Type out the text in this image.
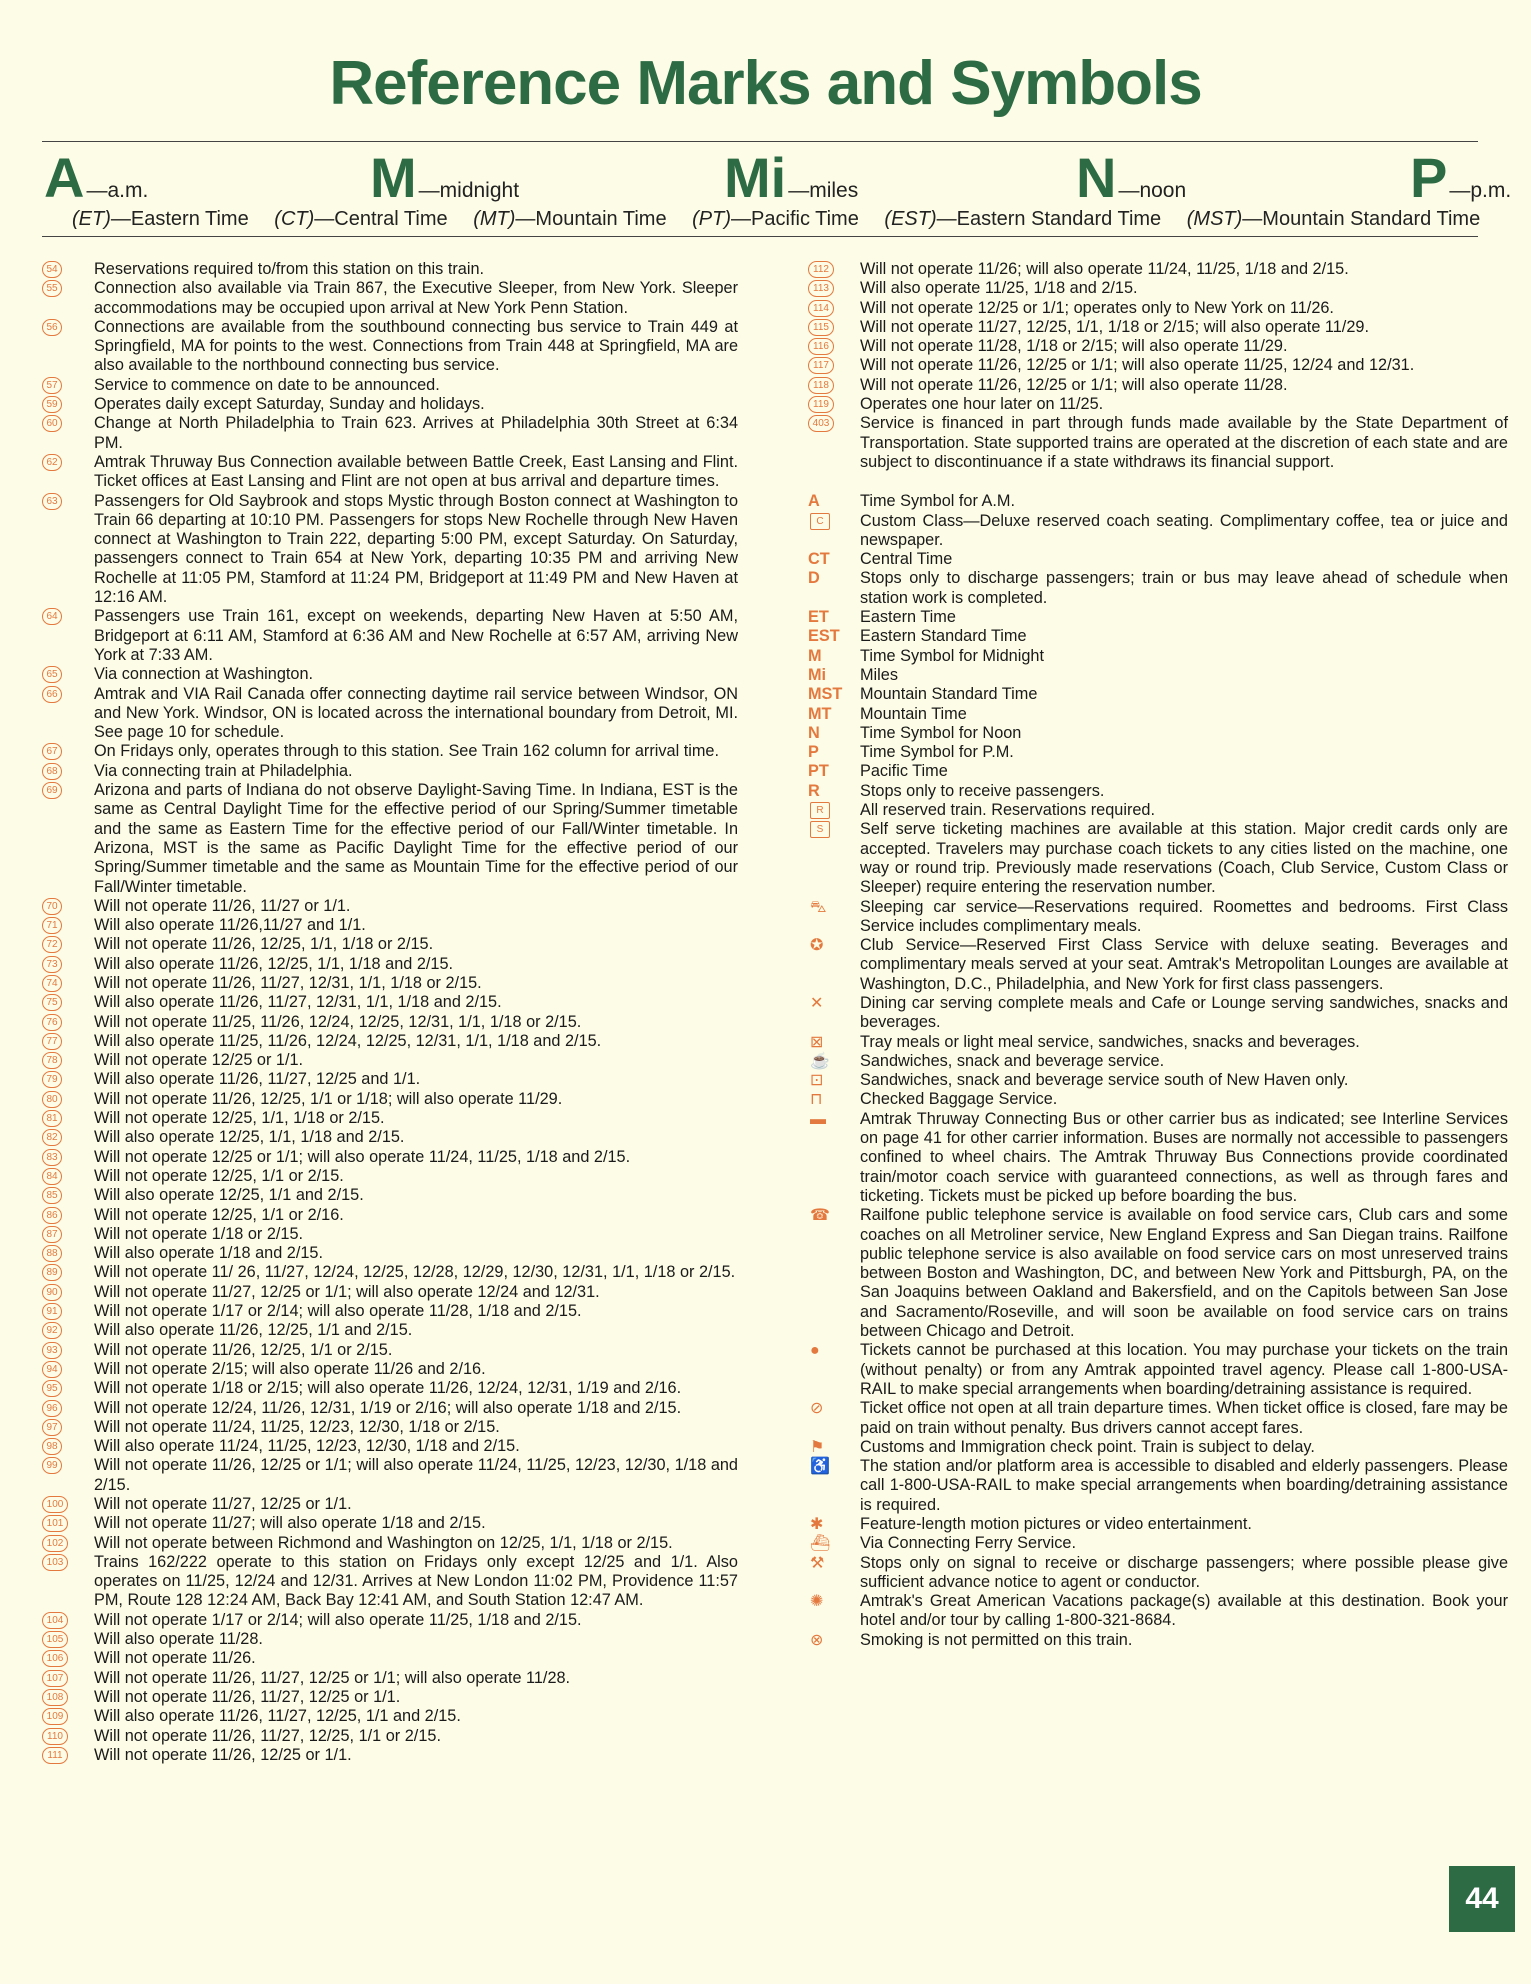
Reference Marks and Symbols
A —a.m.	M —midnight	Mi —miles	N —noon	P —p.m.
(ET)—Eastern Time (CT)—Central Time (MT)—Mountain Time (PT)—Pacific Time (EST)—Eastern Standard Time (MST)—Mountain Standard Time
54 Reservations required to/from this station on this train.
55 Connection also available via Train 867, the Executive Sleeper, from New York. Sleeper accommodations may be occupied upon arrival at New York Penn Station.
56 Connections are available from the southbound connecting bus service to Train 449 at Springfield, MA for points to the west. Connections from Train 448 at Springfield, MA are also available to the northbound connecting bus service.
57 Service to commence on date to be announced.
59 Operates daily except Saturday, Sunday and holidays.
60 Change at North Philadelphia to Train 623. Arrives at Philadelphia 30th Street at 6:34 PM.
62 Amtrak Thruway Bus Connection available between Battle Creek, East Lansing and Flint. Ticket offices at East Lansing and Flint are not open at bus arrival and departure times.
63 Passengers for Old Saybrook and stops Mystic through Boston connect at Washington to Train 66 departing at 10:10 PM. Passengers for stops New Rochelle through New Haven connect at Washington to Train 222, departing 5:00 PM, except Saturday. On Saturday, passengers connect to Train 654 at New York, departing 10:35 PM and arriving New Rochelle at 11:05 PM, Stamford at 11:24 PM, Bridgeport at 11:49 PM and New Haven at 12:16 AM.
64 Passengers use Train 161, except on weekends, departing New Haven at 5:50 AM, Bridgeport at 6:11 AM, Stamford at 6:36 AM and New Rochelle at 6:57 AM, arriving New York at 7:33 AM.
65 Via connection at Washington.
66 Amtrak and VIA Rail Canada offer connecting daytime rail service between Windsor, ON and New York. Windsor, ON is located across the international boundary from Detroit, MI. See page 10 for schedule.
67 On Fridays only, operates through to this station. See Train 162 column for arrival time.
68 Via connecting train at Philadelphia.
69 Arizona and parts of Indiana do not observe Daylight-Saving Time. In Indiana, EST is the same as Central Daylight Time for the effective period of our Spring/Summer timetable and the same as Eastern Time for the effective period of our Fall/Winter timetable. In Arizona, MST is the same as Pacific Daylight Time for the effective period of our Spring/Summer timetable and the same as Mountain Time for the effective period of our Fall/Winter timetable.
70 Will not operate 11/26, 11/27 or 1/1.
71 Will also operate 11/26,11/27 and 1/1.
72 Will not operate 11/26, 12/25, 1/1, 1/18 or 2/15.
73 Will also operate 11/26, 12/25, 1/1, 1/18 and 2/15.
74 Will not operate 11/26, 11/27, 12/31, 1/1, 1/18 or 2/15.
75 Will also operate 11/26, 11/27, 12/31, 1/1, 1/18 and 2/15.
76 Will not operate 11/25, 11/26, 12/24, 12/25, 12/31, 1/1, 1/18 or 2/15.
77 Will also operate 11/25, 11/26, 12/24, 12/25, 12/31, 1/1, 1/18 and 2/15.
78 Will not operate 12/25 or 1/1.
79 Will also operate 11/26, 11/27, 12/25 and 1/1.
80 Will not operate 11/26, 12/25, 1/1 or 1/18; will also operate 11/29.
81 Will not operate 12/25, 1/1, 1/18 or 2/15.
82 Will also operate 12/25, 1/1, 1/18 and 2/15.
83 Will not operate 12/25 or 1/1; will also operate 11/24, 11/25, 1/18 and 2/15.
84 Will not operate 12/25, 1/1 or 2/15.
85 Will also operate 12/25, 1/1 and 2/15.
86 Will not operate 12/25, 1/1 or 2/16.
87 Will not operate 1/18 or 2/15.
88 Will also operate 1/18 and 2/15.
89 Will not operate 11/ 26, 11/27, 12/24, 12/25, 12/28, 12/29, 12/30, 12/31, 1/1, 1/18 or 2/15.
90 Will not operate 11/27, 12/25 or 1/1; will also operate 12/24 and 12/31.
91 Will not operate 1/17 or 2/14; will also operate 11/28, 1/18 and 2/15.
92 Will also operate 11/26, 12/25, 1/1 and 2/15.
93 Will not operate 11/26, 12/25, 1/1 or 2/15.
94 Will not operate 2/15; will also operate 11/26 and 2/16.
95 Will not operate 1/18 or 2/15; will also operate 11/26, 12/24, 12/31, 1/19 and 2/16.
96 Will not operate 12/24, 11/26, 12/31, 1/19 or 2/16; will also operate 1/18 and 2/15.
97 Will not operate 11/24, 11/25, 12/23, 12/30, 1/18 or 2/15.
98 Will also operate 11/24, 11/25, 12/23, 12/30, 1/18 and 2/15.
99 Will not operate 11/26, 12/25 or 1/1; will also operate 11/24, 11/25, 12/23, 12/30, 1/18 and 2/15.
100 Will not operate 11/27, 12/25 or 1/1.
101 Will not operate 11/27; will also operate 1/18 and 2/15.
102 Will not operate between Richmond and Washington on 12/25, 1/1, 1/18 or 2/15.
103 Trains 162/222 operate to this station on Fridays only except 12/25 and 1/1. Also operates on 11/25, 12/24 and 12/31. Arrives at New London 11:02 PM, Providence 11:57 PM, Route 128 12:24 AM, Back Bay 12:41 AM, and South Station 12:47 AM.
104 Will not operate 1/17 or 2/14; will also operate 11/25, 1/18 and 2/15.
105 Will also operate 11/28.
106 Will not operate 11/26.
107 Will not operate 11/26, 11/27, 12/25 or 1/1; will also operate 11/28.
108 Will not operate 11/26, 11/27, 12/25 or 1/1.
109 Will also operate 11/26, 11/27, 12/25, 1/1 and 2/15.
110	Will not operate 11/26, 11/27, 12/25, 1/1 or 2/15.
111	Will not operate 11/26, 12/25 or 1/1.
112	Will not operate 11/26; will also operate 11/24, 11/25, 1/18 and 2/15.
113	Will also operate 11/25, 1/18 and 2/15.
114	Will not operate 12/25 or 1/1; operates only to New York on 11/26.
115	Will not operate 11/27, 12/25, 1/1, 1/18 or 2/15; will also operate 11/29.
116	Will not operate 11/28, 1/18 or 2/15; will also operate 11/29.
117	Will not operate 11/26, 12/25 or 1/1; will also operate 11/25, 12/24 and 12/31.
118	Will not operate 11/26, 12/25 or 1/1; will also operate 11/28.
119	Operates one hour later on 11/25.
403 Service is financed in part through funds made available by the State Department of Transportation. State supported trains are operated at the discretion of each state and are subject to discontinuance if a state withdraws its financial support.
A Time Symbol for A.M.
C	Custom Class—Deluxe reserved coach seating. Complimentary coffee, tea or juice and newspaper.
CT Central Time
D Stops only to discharge passengers; train or bus may leave ahead of schedule when station work is completed.
ET Eastern Time
EST Eastern Standard Time
M Time Symbol for Midnight
Mi Miles
MST Mountain Standard Time
MT Mountain Time
N Time Symbol for Noon
P	Time Symbol for P.M.
PT Pacific Time
R Stops only to receive passengers.
R	All reserved train. Reservations required.
S	Self serve ticketing machines are available at this station. Major credit cards only are accepted. Travelers may purchase coach tickets to any cities listed on the machine, one way or round trip. Previously made reservations (Coach, Club Service, Custom Class or Sleeper) require entering the reservation number.
⛍ Sleeping car service—Reservations required. Roomettes and bedrooms. First Class Service includes complimentary meals.
✪ Club Service—Reserved First Class Service with deluxe seating. Beverages and complimentary meals served at your seat. Amtrak's Metropolitan Lounges are available at Washington, D.C., Philadelphia, and New York for first class passengers.
✕ Dining car serving complete meals and Cafe or Lounge serving sandwiches, snacks and beverages.
⊠ Tray meals or light meal service, sandwiches, snacks and beverages.
☕ Sandwiches, snack and beverage service.
⊡ Sandwiches, snack and beverage service south of New Haven only.
⊓ Checked Baggage Service.
▬ Amtrak Thruway Connecting Bus or other carrier bus as indicated; see Interline Services on page 41 for other carrier information. Buses are normally not accessible to passengers confined to wheel chairs. The Amtrak Thruway Bus Connections provide coordinated train/motor coach service with guaranteed connections, as well as through fares and ticketing. Tickets must be picked up before boarding the bus.
☎ Railfone public telephone service is available on food service cars, Club cars and some coaches on all Metroliner service, New England Express and San Diegan trains. Railfone public telephone service is also available on food service cars on most unreserved trains between Boston and Washington, DC, and between New York and Pittsburgh, PA, on the San Joaquins between Oakland and Bakersfield, and on the Capitols between San Jose and Sacramento/Roseville, and will soon be available on food service cars on trains between Chicago and Detroit.
● Tickets cannot be purchased at this location. You may purchase your tickets on the train (without penalty) or from any Amtrak appointed travel agency. Please call 1-800-USA-RAIL to make special arrangements when boarding/detraining assistance is required.
⊘ Ticket office not open at all train departure times. When ticket office is closed, fare may be paid on train without penalty. Bus drivers cannot accept fares.
⚑ Customs and Immigration check point. Train is subject to delay.
♿ The station and/or platform area is accessible to disabled and elderly passengers. Please call 1-800-USA-RAIL to make special arrangements when boarding/detraining assistance is required.
✱ Feature-length motion pictures or video entertainment.
⛴ Via Connecting Ferry Service.
⚒ Stops only on signal to receive or discharge passengers; where possible please give sufficient advance notice to agent or conductor.
✺ Amtrak's Great American Vacations package(s) available at this destination. Book your hotel and/or tour by calling 1-800-321-8684.
⊗ Smoking is not permitted on this train.
44
